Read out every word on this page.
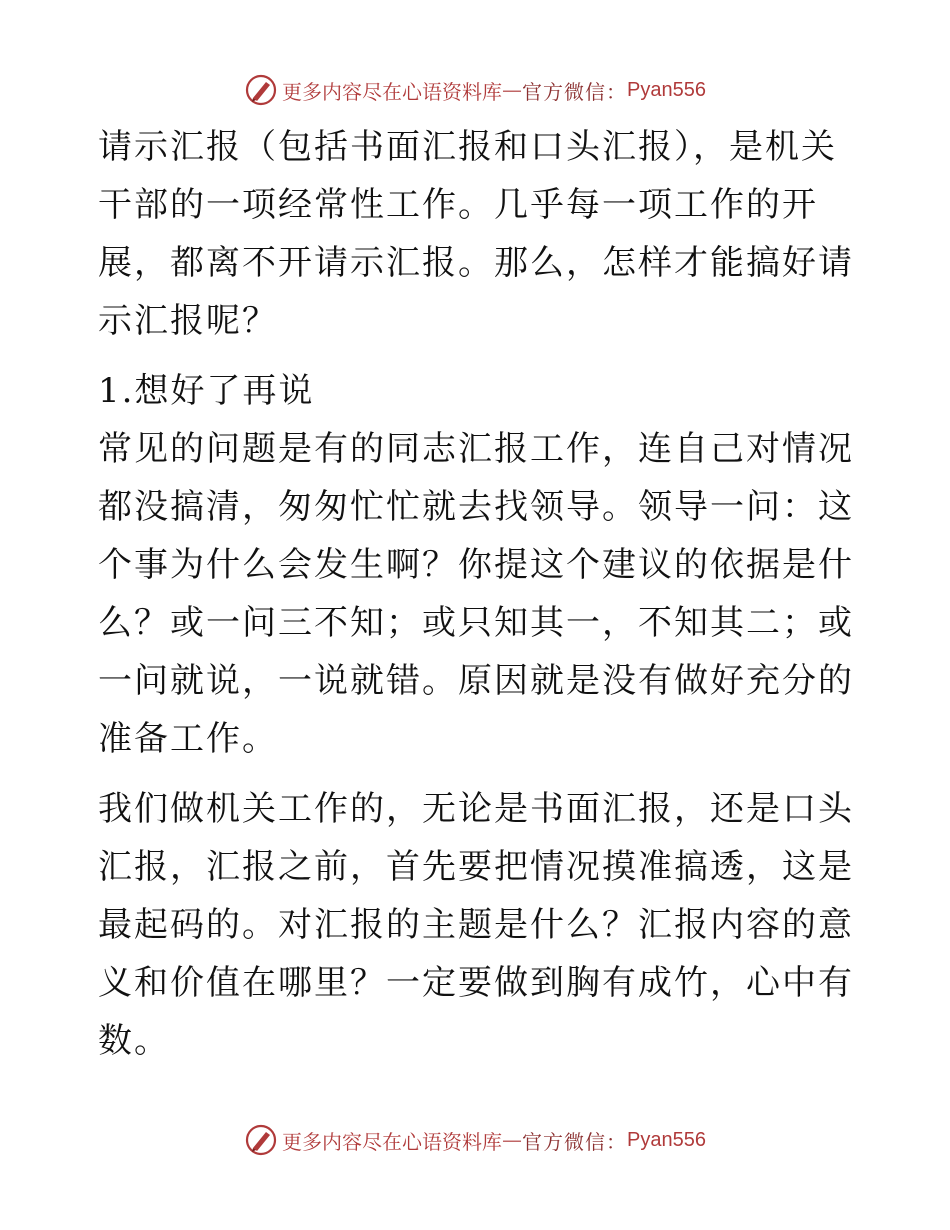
更多内容尽在心语资料库 — 官方微信： Pyan556

请示汇报（包括书面汇报和口头汇报），是机关干部的一项经常性工作。几乎每一项工作的开展，都离不开请示汇报。那么，怎样才能搞好请示汇报呢？

1.想好了再说

常见的问题是有的同志汇报工作，连自己对情况都没搞清，匆匆忙忙就去找领导。领导一问：这个事为什么会发生啊？你提这个建议的依据是什么？或一问三不知；或只知其一，不知其二；或一问就说，一说就错。原因就是没有做好充分的准备工作。

我们做机关工作的，无论是书面汇报，还是口头汇报，汇报之前，首先要把情况摸准搞透，这是最起码的。对汇报的主题是什么？汇报内容的意义和价值在哪里？一定要做到胸有成竹，心中有数。

更多内容尽在心语资料库 — 官方微信： Pyan556
